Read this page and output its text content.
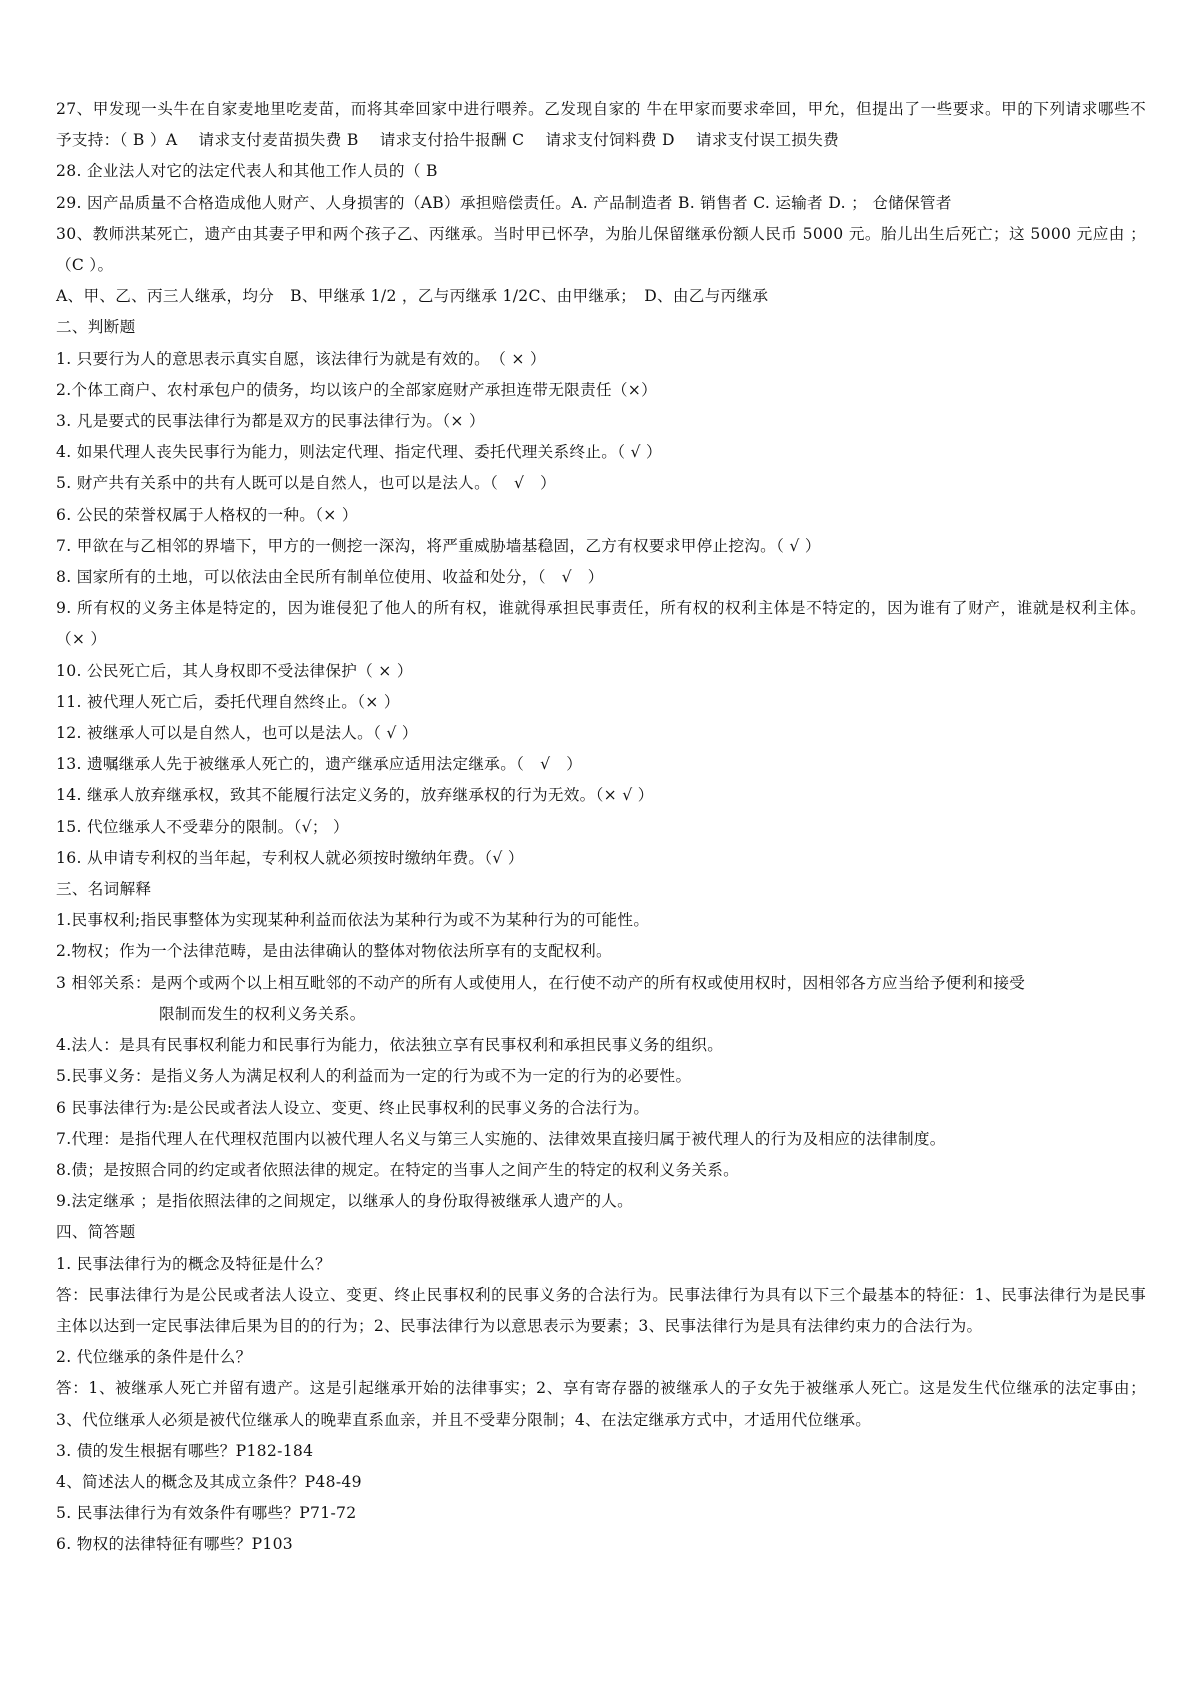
27、甲发现一头牛在自家麦地里吃麦苗，而将其牵回家中进行喂养。乙发现自家的 牛在甲家而要求牵回，甲允，但提出了一些要求。甲的下列请求哪些不予支持：（ B ）A　 请求支付麦苗损失费 B　 请求支付拾牛报酬 C　 请求支付饲料费 D　 请求支付误工损失费
28. 企业法人对它的法定代表人和其他工作人员的（ B
29. 因产品质量不合格造成他人财产、人身损害的（AB）承担赔偿责任。A. 产品制造者 B. 销售者 C. 运输者 D. ； 仓储保管者
30、教师洪某死亡，遗产由其妻子甲和两个孩子乙、丙继承。当时甲已怀孕，为胎儿保留继承份额人民币 5000 元。胎儿出生后死亡；这 5000 元应由 ；（C ）。
A、甲、乙、丙三人继承，均分　B、甲继承 1/2 ，乙与丙继承 1/2C、由甲继承；　D、由乙与丙继承
二、判断题
1. 只要行为人的意思表示真实自愿，该法律行为就是有效的。　（ × ）
2.个体工商户、农村承包户的债务，均以该户的全部家庭财产承担连带无限责任（×）
3. 凡是要式的民事法律行为都是双方的民事法律行为。（× ）
4. 如果代理人丧失民事行为能力，则法定代理、指定代理、委托代理关系终止。（ √ ）
5. 财产共有关系中的共有人既可以是自然人，也可以是法人。（　√　）
6. 公民的荣誉权属于人格权的一种。（× ）
7. 甲欲在与乙相邻的界墙下，甲方的一侧挖一深沟，将严重威胁墙基稳固，乙方有权要求甲停止挖沟。（ √ ）
8. 国家所有的土地，可以依法由全民所有制单位使用、收益和处分，（　√　）
9. 所有权的义务主体是特定的，因为谁侵犯了他人的所有权，谁就得承担民事责任，所有权的权利主体是不特定的，因为谁有了财产，谁就是权利主体。（× ）
10. 公民死亡后，其人身权即不受法律保护（ × ）
11. 被代理人死亡后，委托代理自然终止。（× ）
12. 被继承人可以是自然人，也可以是法人。（ √ ）
13. 遗嘱继承人先于被继承人死亡的，遗产继承应适用法定继承。（　√　）
14. 继承人放弃继承权，致其不能履行法定义务的，放弃继承权的行为无效。（× √ ）
15. 代位继承人不受辈分的限制。（√； ）
16. 从申请专利权的当年起，专利权人就必须按时缴纳年费。（√ ）
三、名词解释
1.民事权利;指民事整体为实现某种利益而依法为某种行为或不为某种行为的可能性。
2.物权；作为一个法律范畴，是由法律确认的整体对物依法所享有的支配权利。
3 相邻关系：是两个或两个以上相互毗邻的不动产的所有人或使用人，在行使不动产的所有权或使用权时，因相邻各方应当给予便利和接受
限制而发生的权利义务关系。
4.法人：是具有民事权利能力和民事行为能力，依法独立享有民事权利和承担民事义务的组织。
5.民事义务：是指义务人为满足权利人的利益而为一定的行为或不为一定的行为的必要性。
6 民事法律行为:是公民或者法人设立、变更、终止民事权利的民事义务的合法行为。
7.代理：是指代理人在代理权范围内以被代理人名义与第三人实施的、法律效果直接归属于被代理人的行为及相应的法律制度。
8.债；是按照合同的约定或者依照法律的规定。在特定的当事人之间产生的特定的权利义务关系。
9.法定继承 ；是指依照法律的之间规定，以继承人的身份取得被继承人遗产的人。
四、简答题
1. 民事法律行为的概念及特征是什么？
答：民事法律行为是公民或者法人设立、变更、终止民事权利的民事义务的合法行为。民事法律行为具有以下三个最基本的特征：1、民事法律行为是民事主体以达到一定民事法律后果为目的的行为；2、民事法律行为以意思表示为要素；3、民事法律行为是具有法律约束力的合法行为。
2. 代位继承的条件是什么？
答：1、被继承人死亡并留有遗产。这是引起继承开始的法律事实；2、享有寄存器的被继承人的子女先于被继承人死亡。这是发生代位继承的法定事由；3、代位继承人必须是被代位继承人的晚辈直系血亲，并且不受辈分限制；4、在法定继承方式中，才适用代位继承。
3. 债的发生根据有哪些？P182-184
4、简述法人的概念及其成立条件？P48-49
5. 民事法律行为有效条件有哪些？P71-72
6. 物权的法律特征有哪些？P103
